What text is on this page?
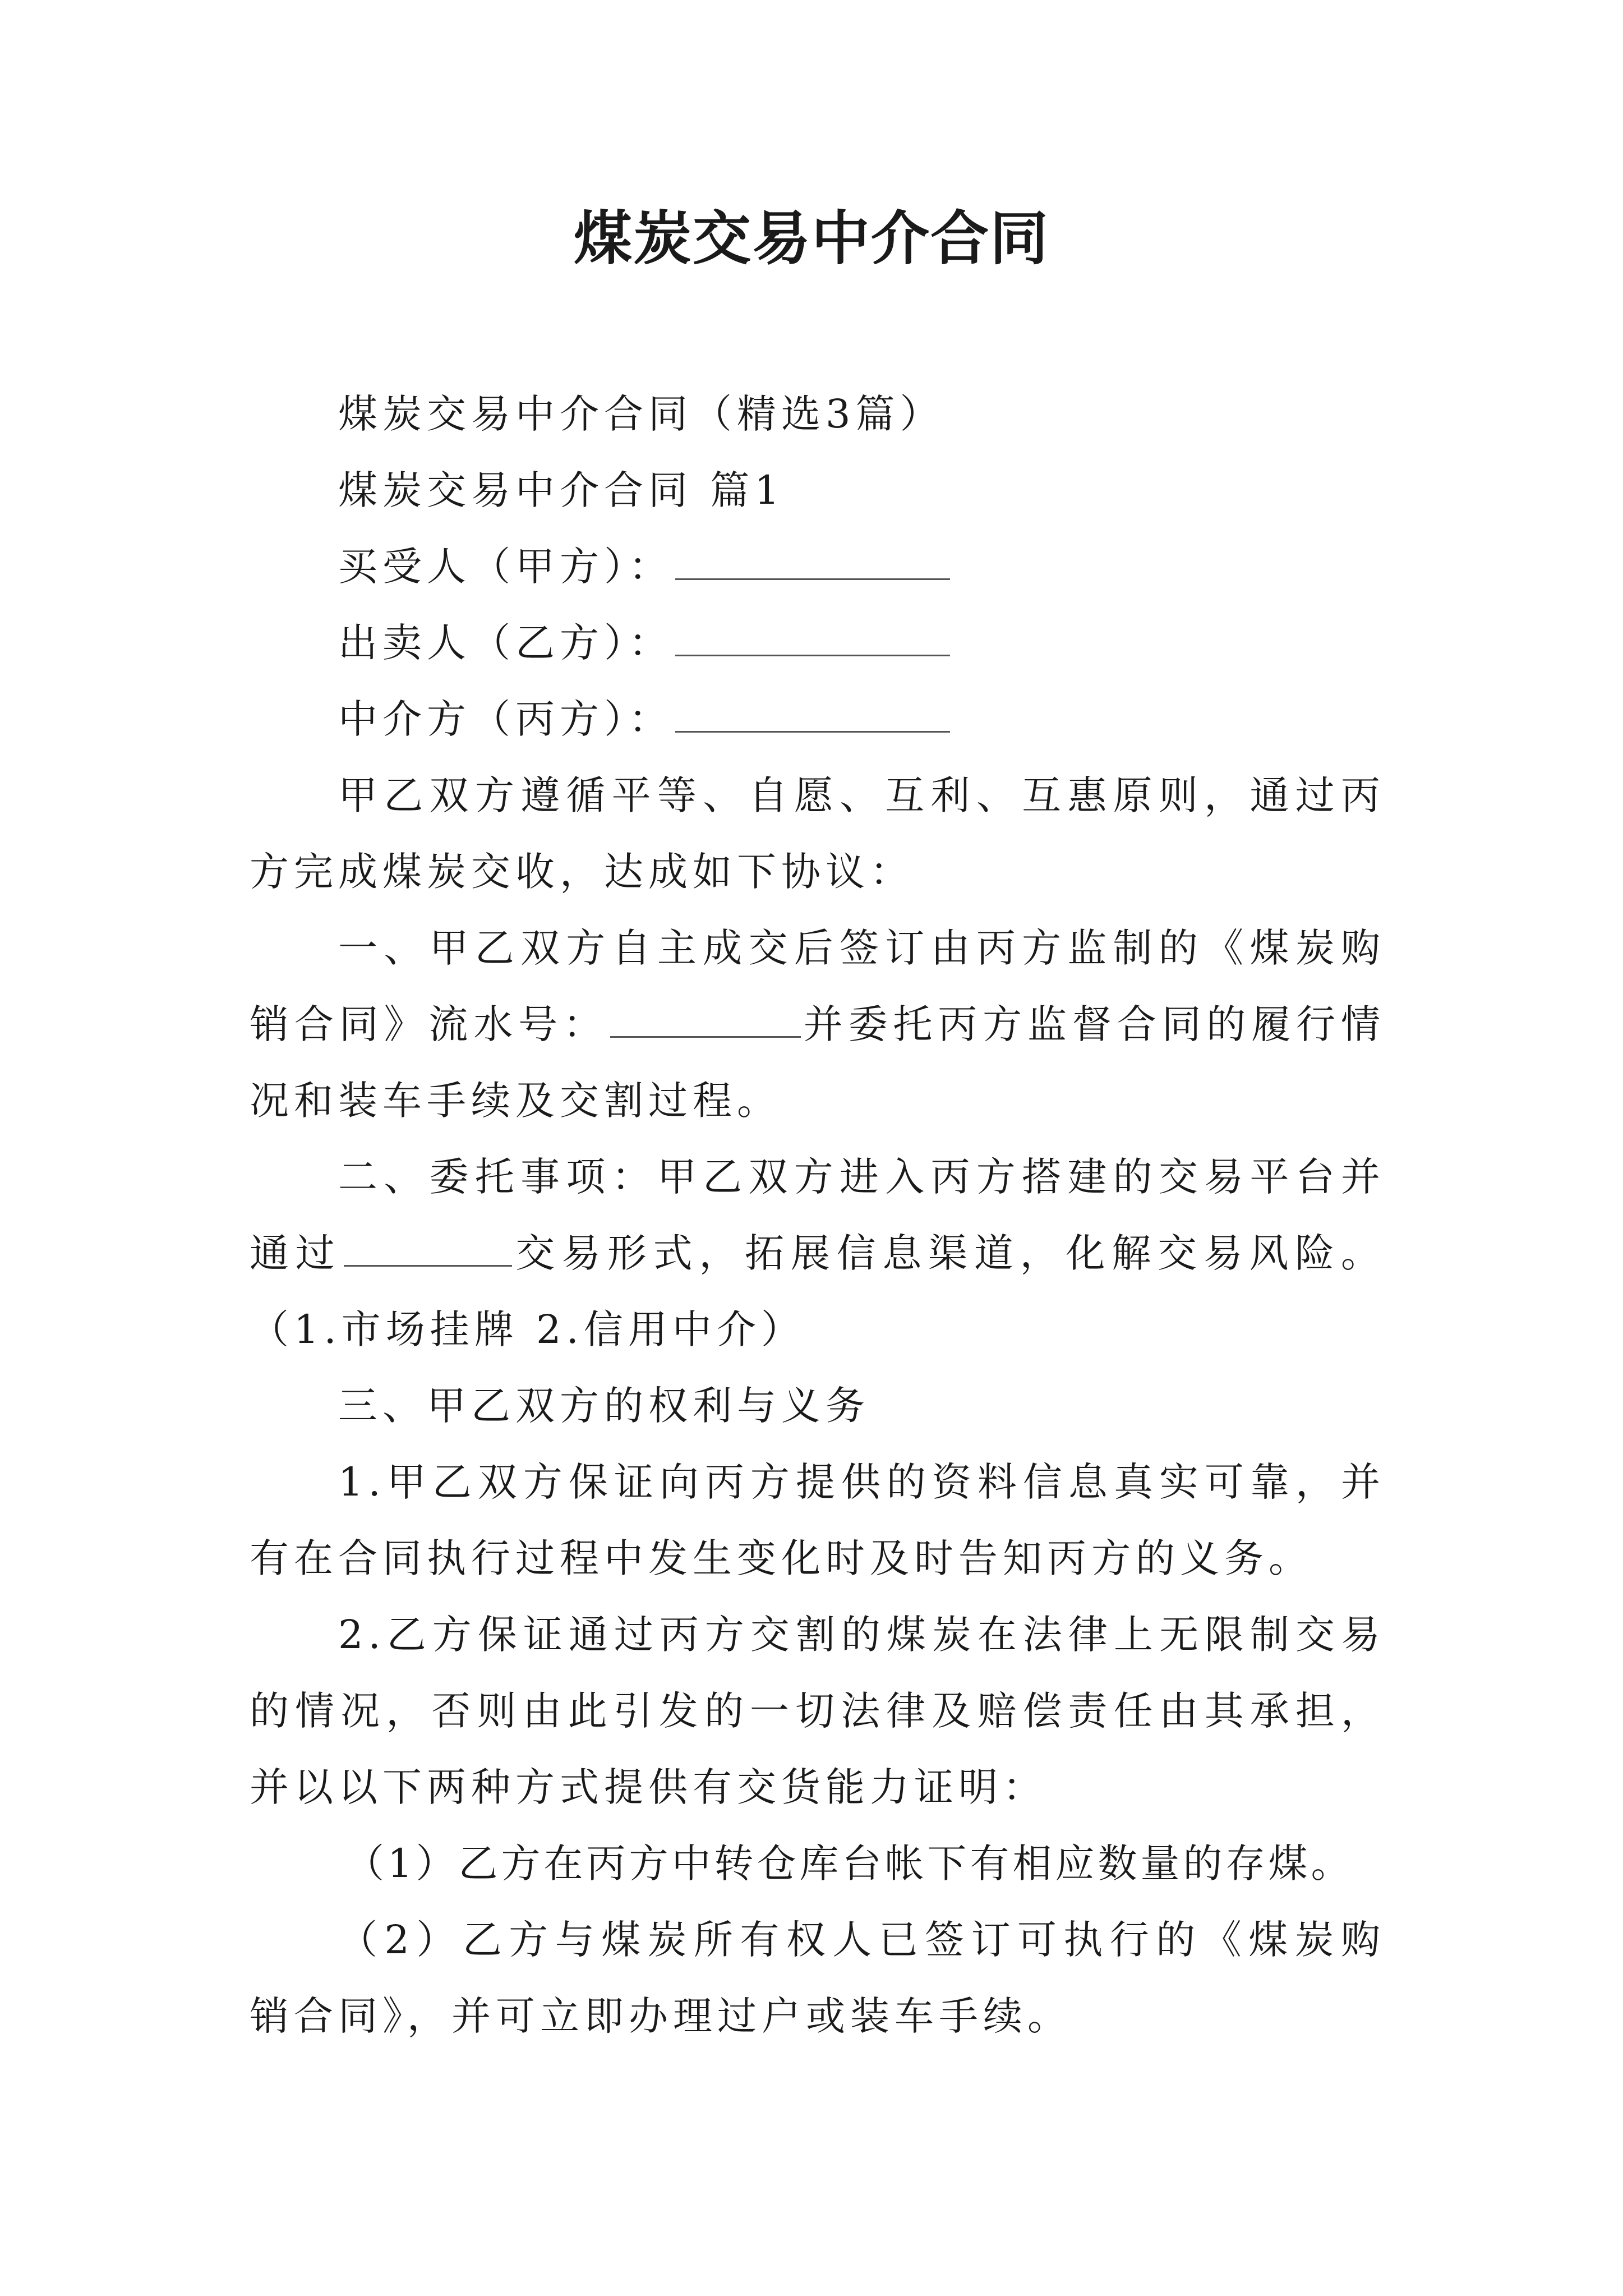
煤炭交易中介合同

煤炭交易中介合同（精选3篇）

煤炭交易中介合同 篇1

买受人（甲方）：

出卖人（乙方）：

中介方（丙方）：

甲乙双方遵循平等、自愿、互利、互惠原则，通过丙方完成煤炭交收，达成如下协议：

一、甲乙双方自主成交后签订由丙方监制的《煤炭购销合同》流水号：	并委托丙方监督合同的履行情况和装车手续及交割过程。

二、委托事项：甲乙双方进入丙方搭建的交易平台并通过	交易形式，拓展信息渠道，化解交易风险。（1.市场挂牌 2.信用中介）

三、甲乙双方的权利与义务

1.甲乙双方保证向丙方提供的资料信息真实可靠，并有在合同执行过程中发生变化时及时告知丙方的义务。

2.乙方保证通过丙方交割的煤炭在法律上无限制交易的情况，否则由此引发的一切法律及赔偿责任由其承担，并以以下两种方式提供有交货能力证明：

（1）乙方在丙方中转仓库台帐下有相应数量的存煤。

（2）乙方与煤炭所有权人已签订可执行的《煤炭购销合同》，并可立即办理过户或装车手续。
